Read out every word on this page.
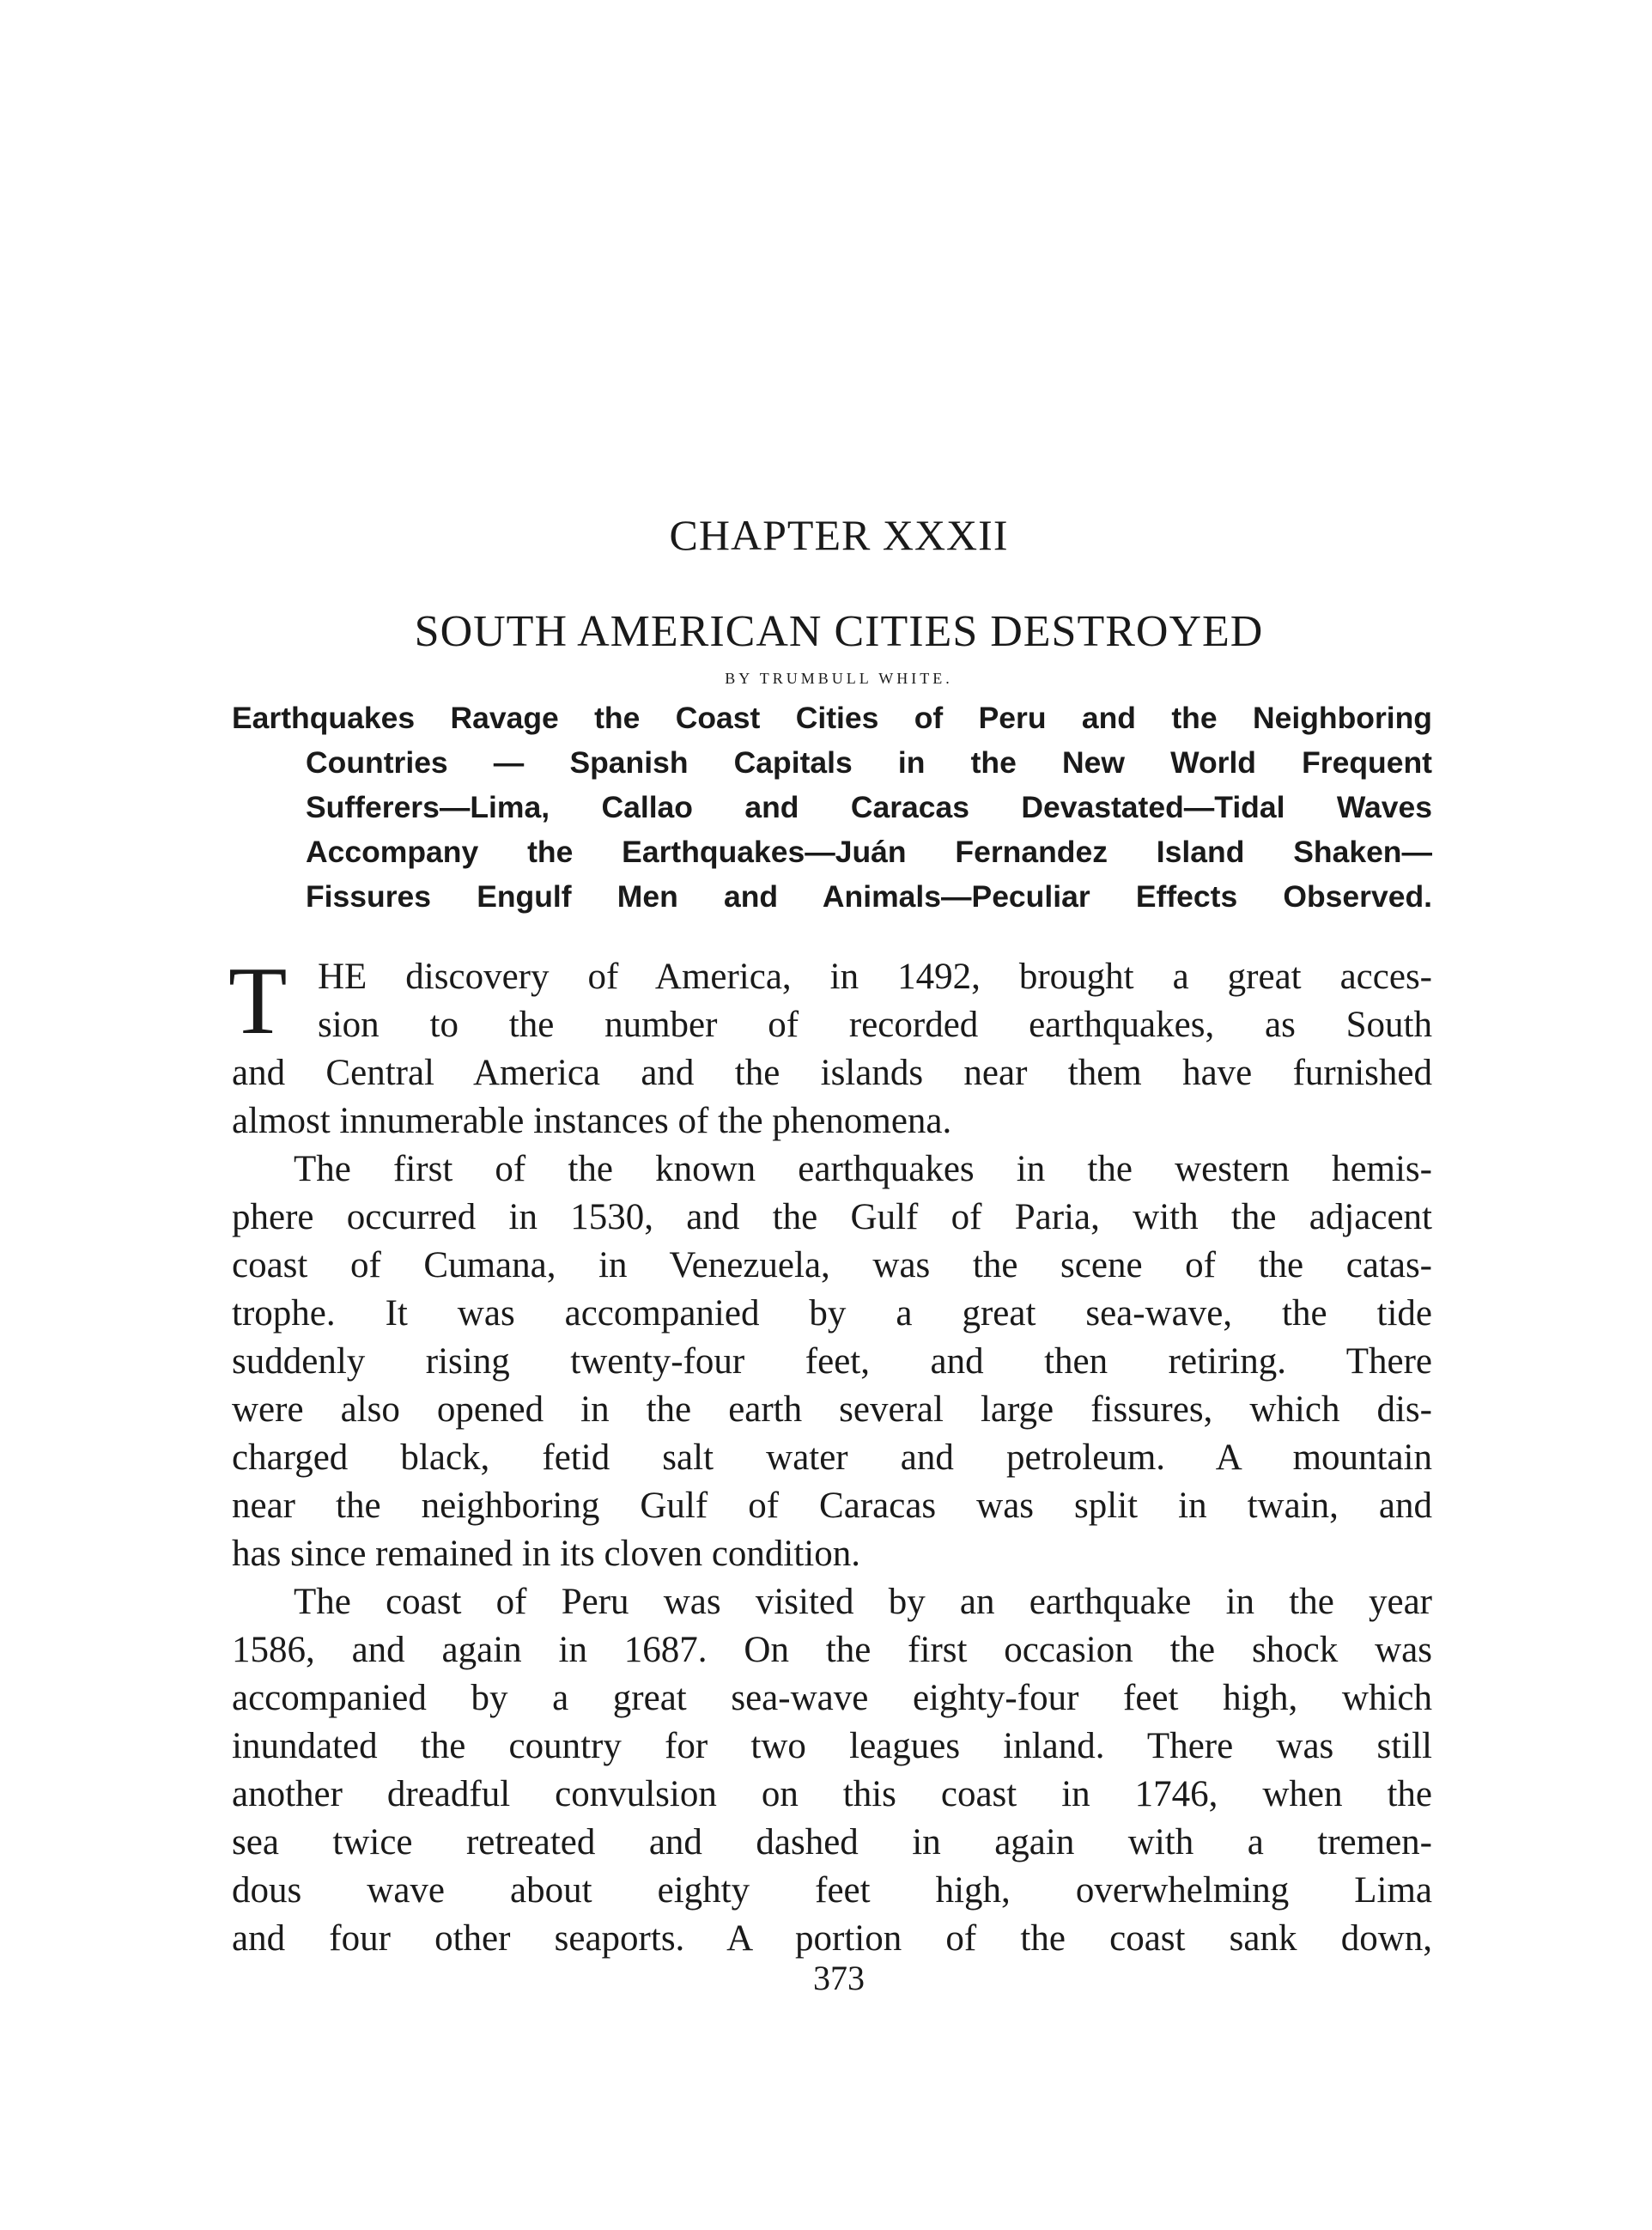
CHAPTER XXXII
SOUTH AMERICAN CITIES DESTROYED
BY TRUMBULL WHITE.
Earthquakes Ravage the Coast Cities of Peru and the Neighboring
Countries — Spanish Capitals in the New World Frequent
Sufferers—Lima, Callao and Caracas Devastated—Tidal Waves
Accompany the Earthquakes—Juán Fernandez Island Shaken—
Fissures Engulf Men and Animals—Peculiar Effects Observed.
T HE discovery of America, in 1492, brought a great acces-
sion to the number of recorded earthquakes, as South
and Central America and the islands near them have furnished
almost innumerable instances of the phenomena.
The first of the known earthquakes in the western hemis-
phere occurred in 1530, and the Gulf of Paria, with the adjacent
coast of Cumana, in Venezuela, was the scene of the catas-
trophe. It was accompanied by a great sea-wave, the tide
suddenly rising twenty-four feet, and then retiring. There
were also opened in the earth several large fissures, which dis-
charged black, fetid salt water and petroleum. A mountain
near the neighboring Gulf of Caracas was split in twain, and
has since remained in its cloven condition.
The coast of Peru was visited by an earthquake in the year
1586, and again in 1687. On the first occasion the shock was
accompanied by a great sea-wave eighty-four feet high, which
inundated the country for two leagues inland. There was still
another dreadful convulsion on this coast in 1746, when the
sea twice retreated and dashed in again with a tremen-
dous wave about eighty feet high, overwhelming Lima
and four other seaports. A portion of the coast sank down,
373
